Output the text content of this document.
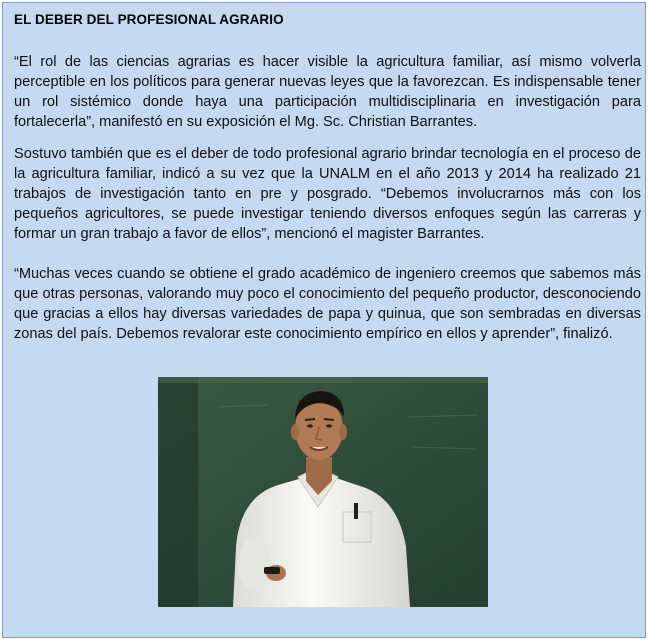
EL DEBER DEL PROFESIONAL AGRARIO

“El rol de las ciencias agrarias es hacer visible la agricultura familiar, así mismo volverla perceptible en los políticos para generar nuevas leyes que la favorezcan. Es indispensable tener un rol sistémico donde haya una participación multidisciplinaria en investigación para fortalecerla”, manifestó en su exposición el Mg. Sc. Christian Barrantes.

Sostuvo también que es el deber de todo profesional agrario brindar tecnología en el proceso de la agricultura familiar, indicó a su vez que la UNALM en el año 2013 y 2014 ha realizado 21 trabajos de investigación tanto en pre y posgrado. “Debemos involucrarnos más con los pequeños agricultores, se puede investigar teniendo diversos enfoques según las carreras y formar un gran trabajo a favor de ellos”, mencionó el magister Barrantes.

“Muchas veces cuando se obtiene el grado académico de ingeniero creemos que sabemos más que otras personas, valorando muy poco el conocimiento del pequeño productor, desconociendo que gracias a ellos hay diversas variedades de papa y quinua, que son sembradas en diversas zonas del país. Debemos revalorar este conocimiento empírico en ellos y aprender”, finalizó.
